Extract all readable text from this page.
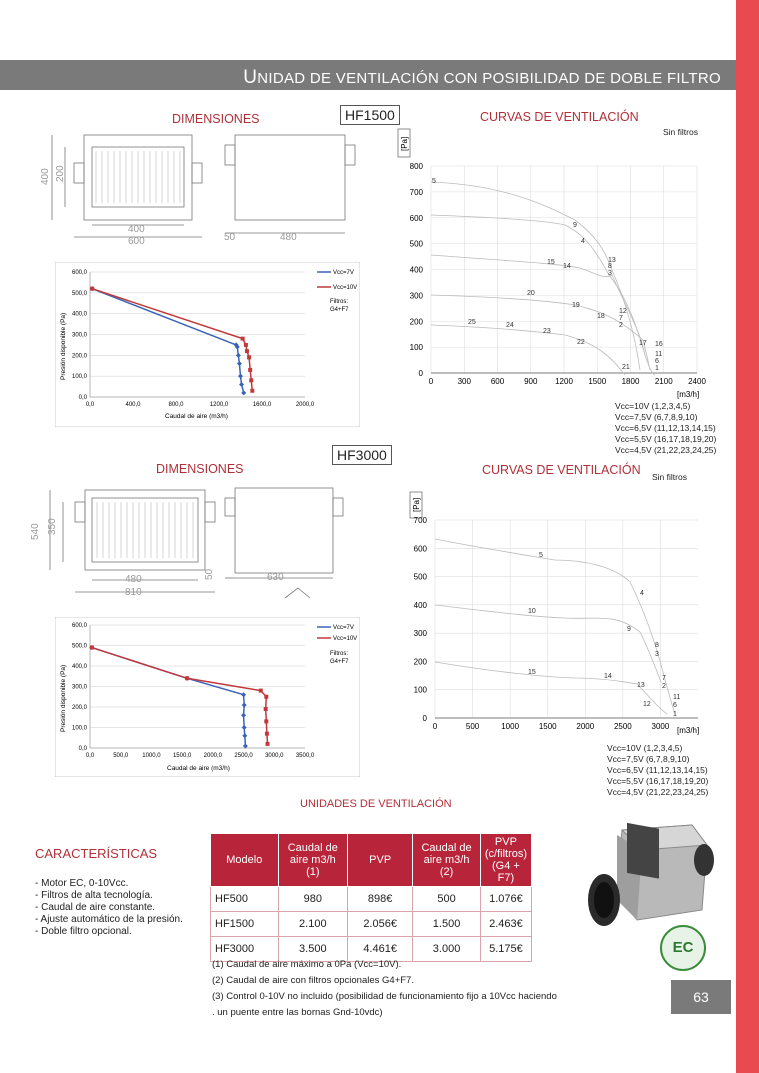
UNIDAD DE VENTILACIÓN CON POSIBILIDAD DE DOBLE FILTRO
DIMENSIONES	HF1500	CURVAS DE VENTILACIÓN
400 200
400
600	50	480
0
100
200
300
400
500
600
700
800
0	300 600 900 1200 1500 1800 2100 2400
Sin filtros
[Pa]
5
9
4
15
14
13
8
3
20
19
18
12
7
2
25	24
23
22	17 16
11
6
1
21
[m3/h]
Vcc=10V (1,2,3,4,5)
Vcc=7,5V (6,7,8,9,10)
Vcc=6,5V (11,12,13,14,15)
Vcc=5,5V (16,17,18,19,20)
Vcc=4,5V (21,22,23,24,25)
Presión disponible (Pa)
Caudal de aire (m3/h)
0,0
100,0
200,0
300,0
400,0
500,0
600,0
0,0	400,0	800,0	1200,0	1600,0	2000,0
Vcc=7V
Vcc=10V
Filtros:
G4+F7
HF3000
DIMENSIONES	CURVAS DE VENTILACIÓN
540 350
480
810
50	630
0
100
200
300
400
500
600
700
0	500	1000 1500 2000 2500 3000
Sin filtros
[Pa]
5
4
10
9
8
3
15
14
13
7
2
12
11
6
1
[m3/h]
Vcc=10V (1,2,3,4,5)
Vcc=7,5V (6,7,8,9,10)
Vcc=6,5V (11,12,13,14,15)
Vcc=5,5V (16,17,18,19,20)
Vcc=4,5V (21,22,23,24,25)
Presión disponible (Pa)
Caudal de aire (m3/h)
0,0
100,0
200,0
300,0
400,0
500,0
600,0
0,0	500,0 1000,0 1500,0 2000,0 2500,0 3000,0 3500,0
Vcc=7V
Vcc=10V
Filtros:
G4+F7
UNIDADES DE VENTILACIÓN
CARACTERÍSTICAS	Modelo	Caudal de aire m3/h (1)	PVP	Caudal de aire m3/h (2)	PVP (c/filtros) (G4 + F7)
HF500	980	898€	500	1.076€
HF1500	2.100	2.056€	1.500	2.463€
HF3000	3.500	4.461€	3.000	5.175€
- Motor EC, 0-10Vcc.
- Filtros de alta tecnología.
- Caudal de aire constante.
- Ajuste automático de la presión.
- Doble filtro opcional.
(1) Caudal de aire máximo a 0Pa (Vcc=10V).
(2) Caudal de aire con filtros opcionales G4+F7.
(3) Control 0-10V no incluido (posibilidad de funcionamiento fijo a 10Vcc haciendo
. un puente entre las bornas Gnd-10vdc)
EC
63
